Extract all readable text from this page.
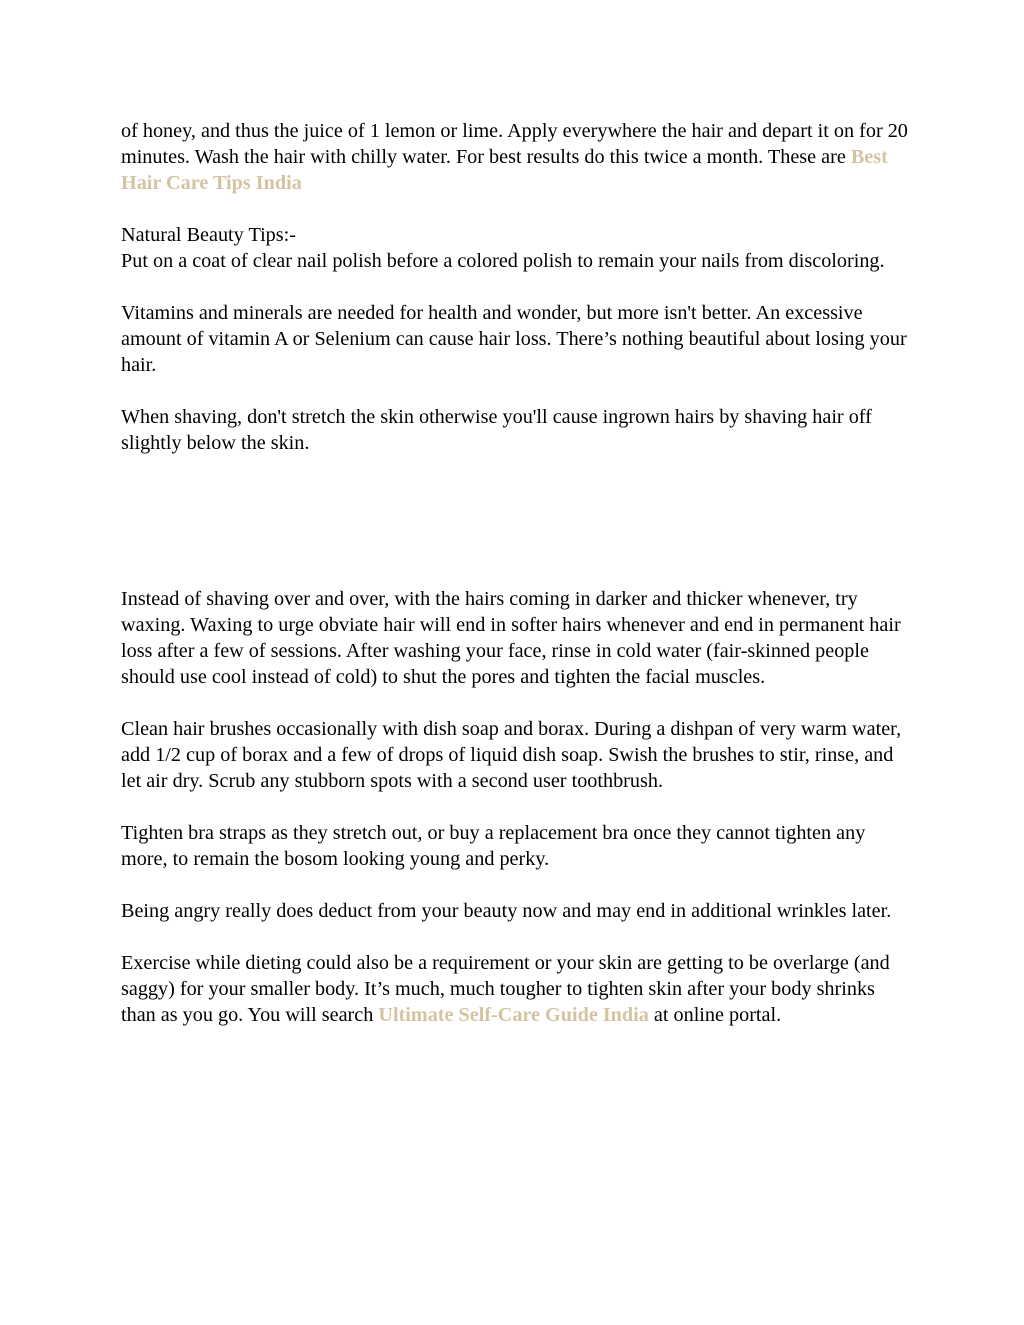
of honey, and thus the juice of 1 lemon or lime. Apply everywhere the hair and depart it on for 20 minutes. Wash the hair with chilly water. For best results do this twice a month. These are Best Hair Care Tips India

Natural Beauty Tips:-

Put on a coat of clear nail polish before a colored polish to remain your nails from discoloring.

Vitamins and minerals are needed for health and wonder, but more isn't better. An excessive amount of vitamin A or Selenium can cause hair loss. There’s nothing beautiful about losing your hair.

When shaving, don't stretch the skin otherwise you'll cause ingrown hairs by shaving hair off slightly below the skin.

Instead of shaving over and over, with the hairs coming in darker and thicker whenever, try waxing. Waxing to urge obviate hair will end in softer hairs whenever and end in permanent hair loss after a few of sessions. After washing your face, rinse in cold water (fair-skinned people should use cool instead of cold) to shut the pores and tighten the facial muscles.

Clean hair brushes occasionally with dish soap and borax. During a dishpan of very warm water, add 1/2 cup of borax and a few of drops of liquid dish soap. Swish the brushes to stir, rinse, and let air dry. Scrub any stubborn spots with a second user toothbrush.

Tighten bra straps as they stretch out, or buy a replacement bra once they cannot tighten any more, to remain the bosom looking young and perky.

Being angry really does deduct from your beauty now and may end in additional wrinkles later.

Exercise while dieting could also be a requirement or your skin are getting to be overlarge (and saggy) for your smaller body. It’s much, much tougher to tighten skin after your body shrinks than as you go. You will search Ultimate Self-Care Guide India at online portal.
